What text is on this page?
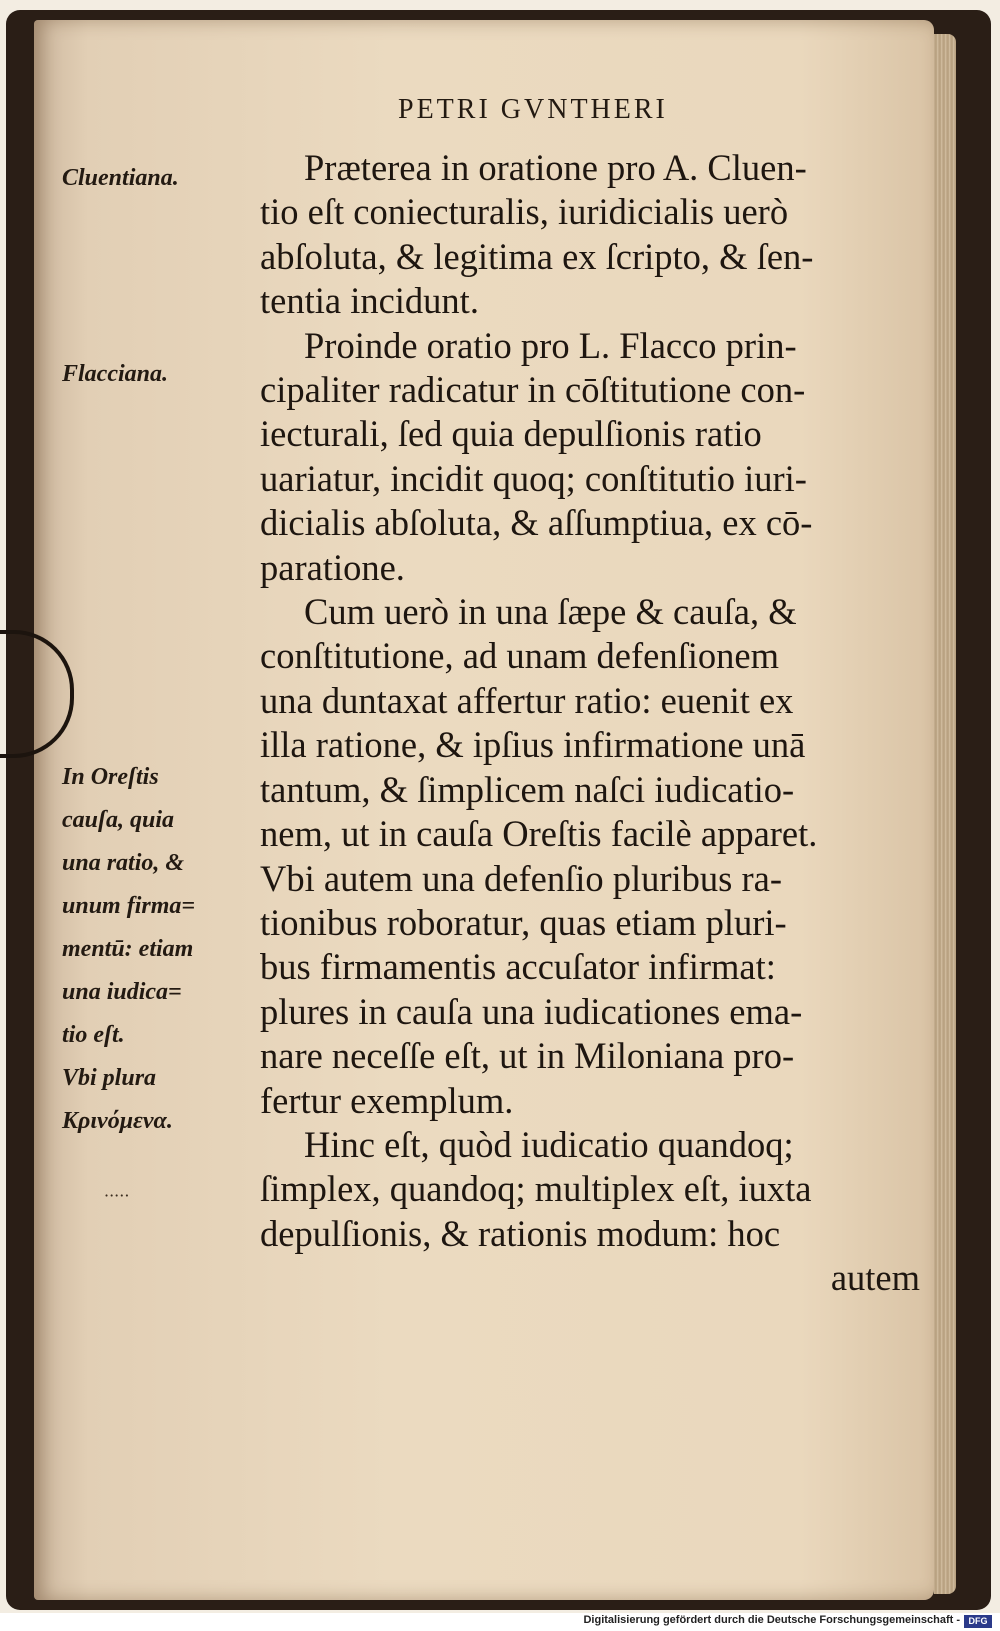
PETRI GVNTHERI
Cluentiana.
Flacciana.
In Oreſtis
cauſa, quia
una ratio, &
unum firma=
mentū: etiam
una iudica=
tio eſt.
Vbi plura
Κρινόμενα.
·····
Præterea in oratione pro A. Cluen-
tio eſt coniecturalis, iuridicialis uerò
abſoluta, & legitima ex ſcripto, & ſen-
tentia incidunt.
Proinde oratio pro L. Flacco prin-
cipaliter radicatur in cōſtitutione con-
iecturali, ſed quia depulſionis ratio
uariatur, incidit quoq; conſtitutio iuri-
dicialis abſoluta, & aſſumptiua, ex cō-
paratione.
Cum uerò in una ſæpe & cauſa, &
conſtitutione, ad unam defenſionem
una duntaxat affertur ratio: euenit ex
illa ratione, & ipſius infirmatione unā
tantum, & ſimplicem naſci iudicatio-
nem, ut in cauſa Oreſtis facilè apparet.
Vbi autem una defenſio pluribus ra-
tionibus roboratur, quas etiam pluri-
bus firmamentis accuſator infirmat:
plures in cauſa una iudicationes ema-
nare neceſſe eſt, ut in Miloniana pro-
fertur exemplum.
Hinc eſt, quòd iudicatio quandoq;
ſimplex, quandoq; multiplex eſt, iuxta
depulſionis, & rationis modum: hoc
autem
Digitalisierung gefördert durch die Deutsche Forschungsgemeinschaft - DFG
